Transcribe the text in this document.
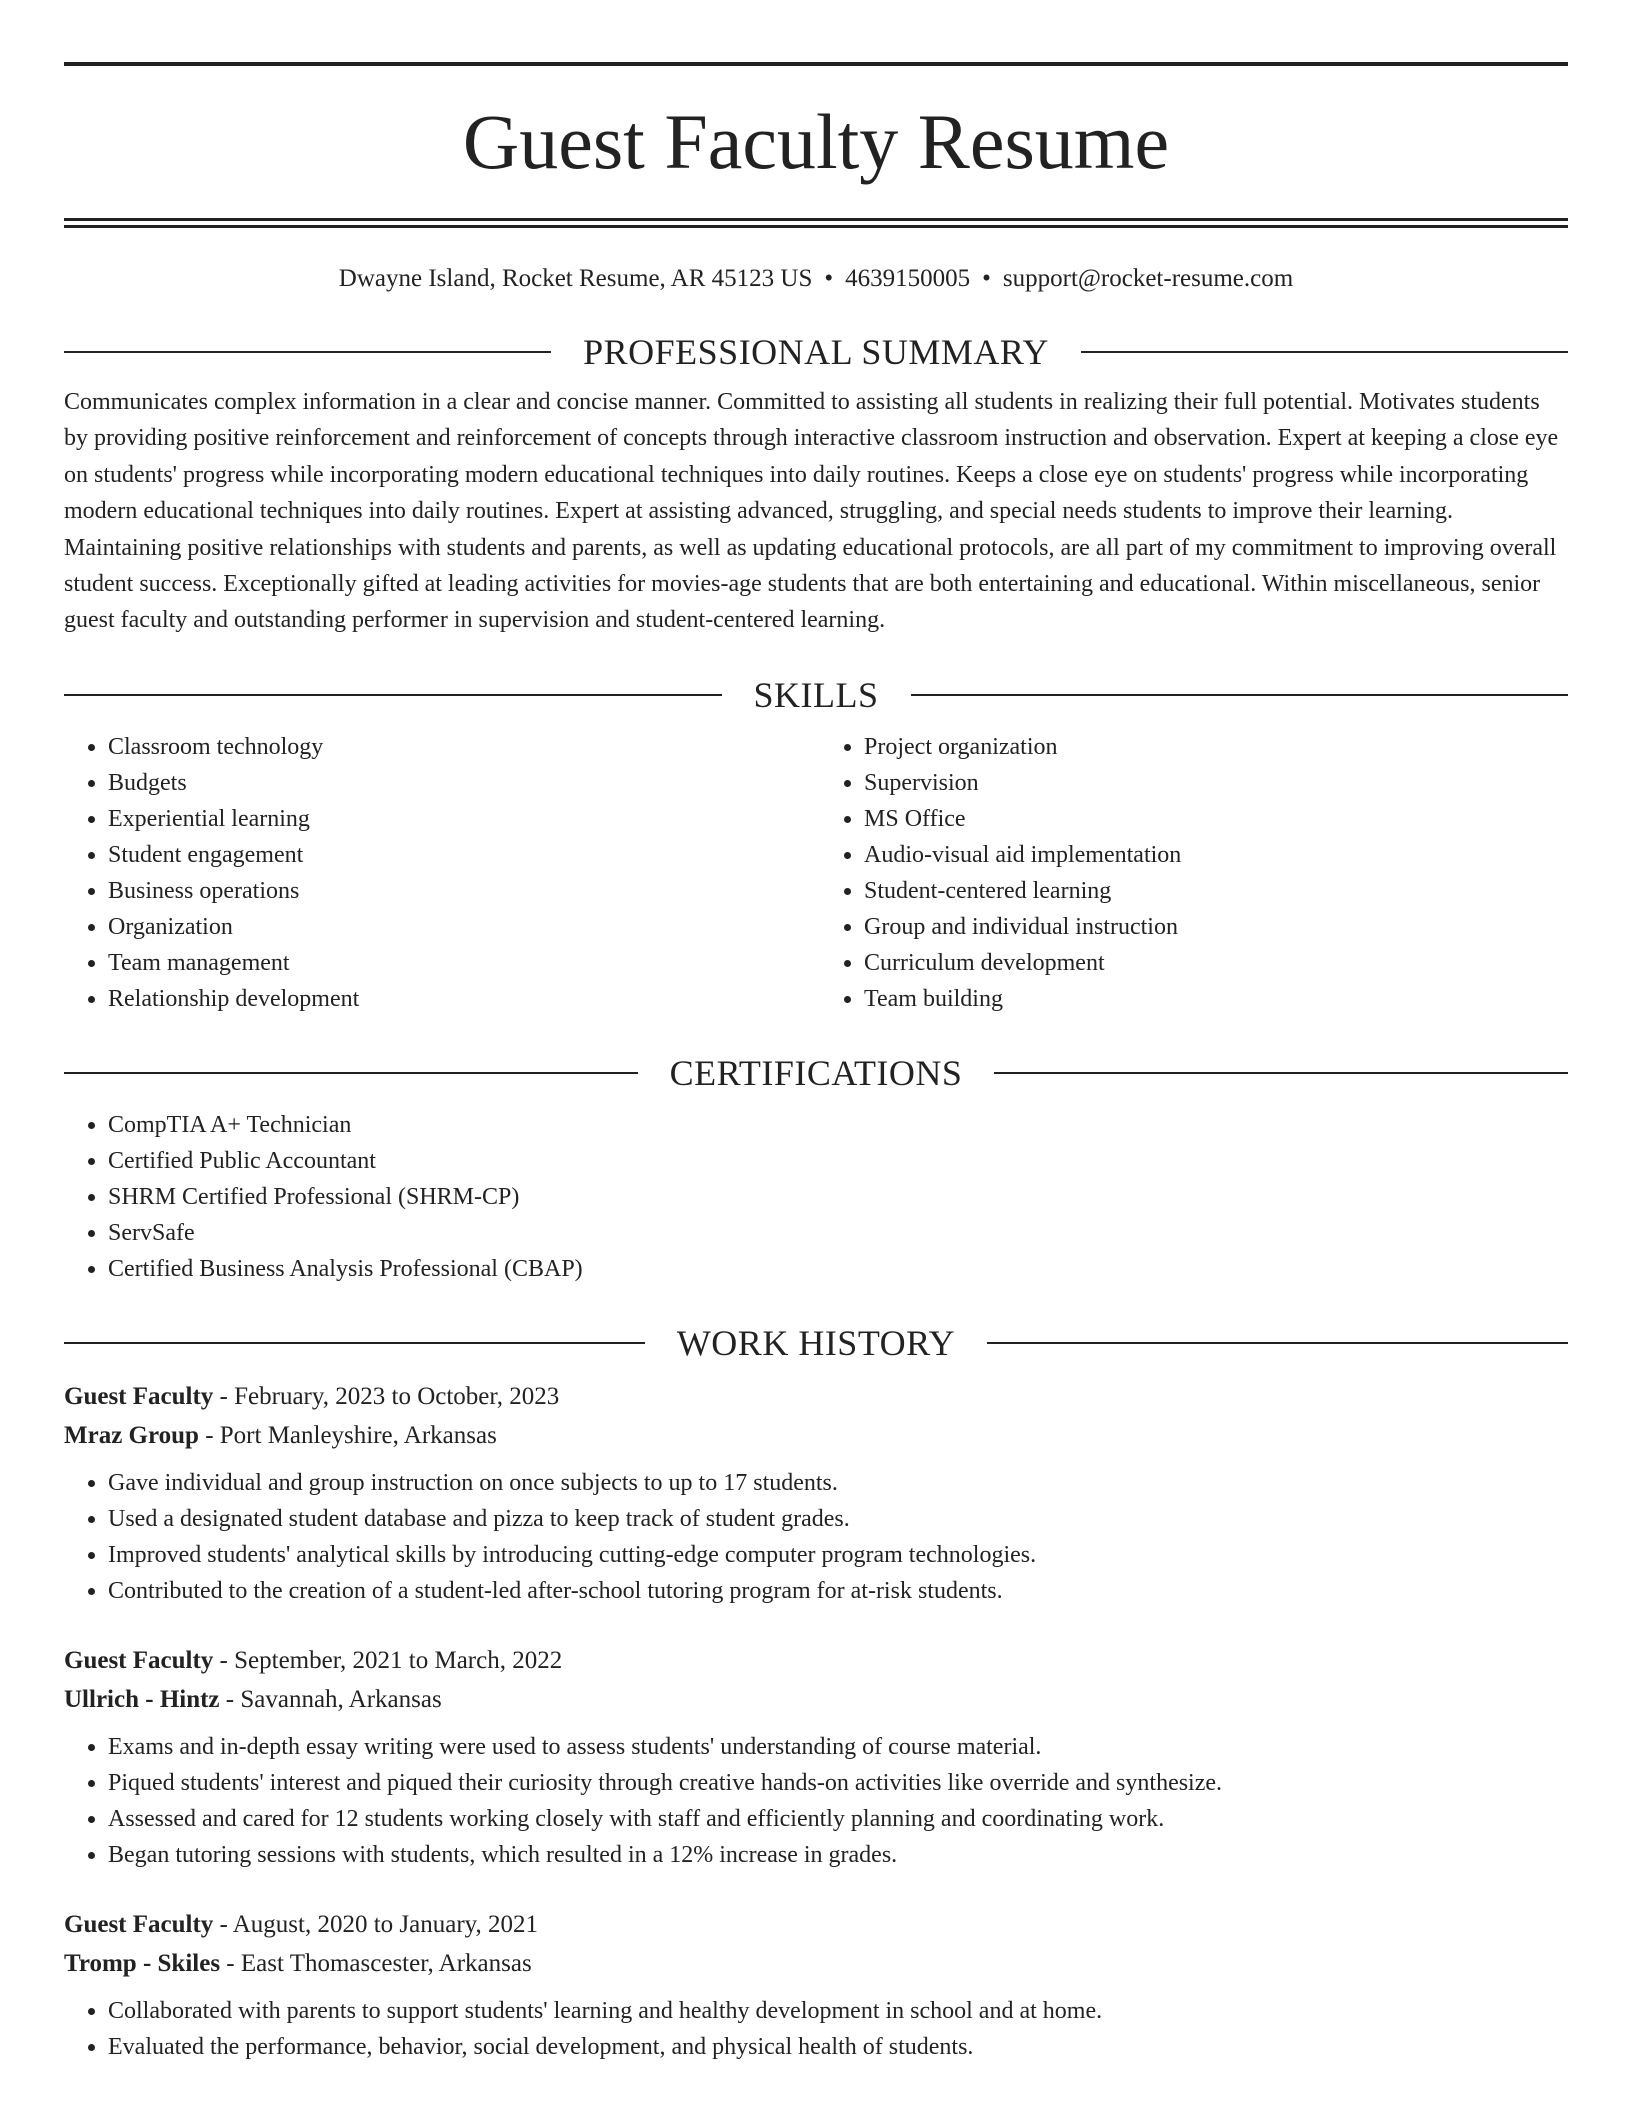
Guest Faculty Resume
Dwayne Island, Rocket Resume, AR 45123 US • 4639150005 • support@rocket-resume.com
PROFESSIONAL SUMMARY

Communicates complex information in a clear and concise manner. Committed to assisting all students in realizing their full potential. Motivates students by providing positive reinforcement and reinforcement of concepts through interactive classroom instruction and observation. Expert at keeping a close eye on students' progress while incorporating modern educational techniques into daily routines. Keeps a close eye on students' progress while incorporating modern educational techniques into daily routines. Expert at assisting advanced, struggling, and special needs students to improve their learning. Maintaining positive relationships with students and parents, as well as updating educational protocols, are all part of my commitment to improving overall student success. Exceptionally gifted at leading activities for movies-age students that are both entertaining and educational. Within miscellaneous, senior guest faculty and outstanding performer in supervision and student-centered learning.

SKILLS
• Classroom technology
• Budgets
• Experiential learning
• Student engagement
• Business operations
• Organization
• Team management
• Relationship development
• Project organization
• Supervision
• MS Office
• Audio-visual aid implementation
• Student-centered learning
• Group and individual instruction
• Curriculum development
• Team building
CERTIFICATIONS
• CompTIA A+ Technician
• Certified Public Accountant
• SHRM Certified Professional (SHRM-CP)
• ServSafe
• Certified Business Analysis Professional (CBAP)
WORK HISTORY
Guest Faculty - February, 2023 to October, 2023
Mraz Group - Port Manleyshire, Arkansas
• Gave individual and group instruction on once subjects to up to 17 students.
• Used a designated student database and pizza to keep track of student grades.
• Improved students' analytical skills by introducing cutting-edge computer program technologies.
• Contributed to the creation of a student-led after-school tutoring program for at-risk students.
Guest Faculty - September, 2021 to March, 2022
Ullrich - Hintz - Savannah, Arkansas
• Exams and in-depth essay writing were used to assess students' understanding of course material.
• Piqued students' interest and piqued their curiosity through creative hands-on activities like override and synthesize.
• Assessed and cared for 12 students working closely with staff and efficiently planning and coordinating work.
• Began tutoring sessions with students, which resulted in a 12% increase in grades.
Guest Faculty - August, 2020 to January, 2021
Tromp - Skiles - East Thomascester, Arkansas
• Collaborated with parents to support students' learning and healthy development in school and at home.
• Evaluated the performance, behavior, social development, and physical health of students.
